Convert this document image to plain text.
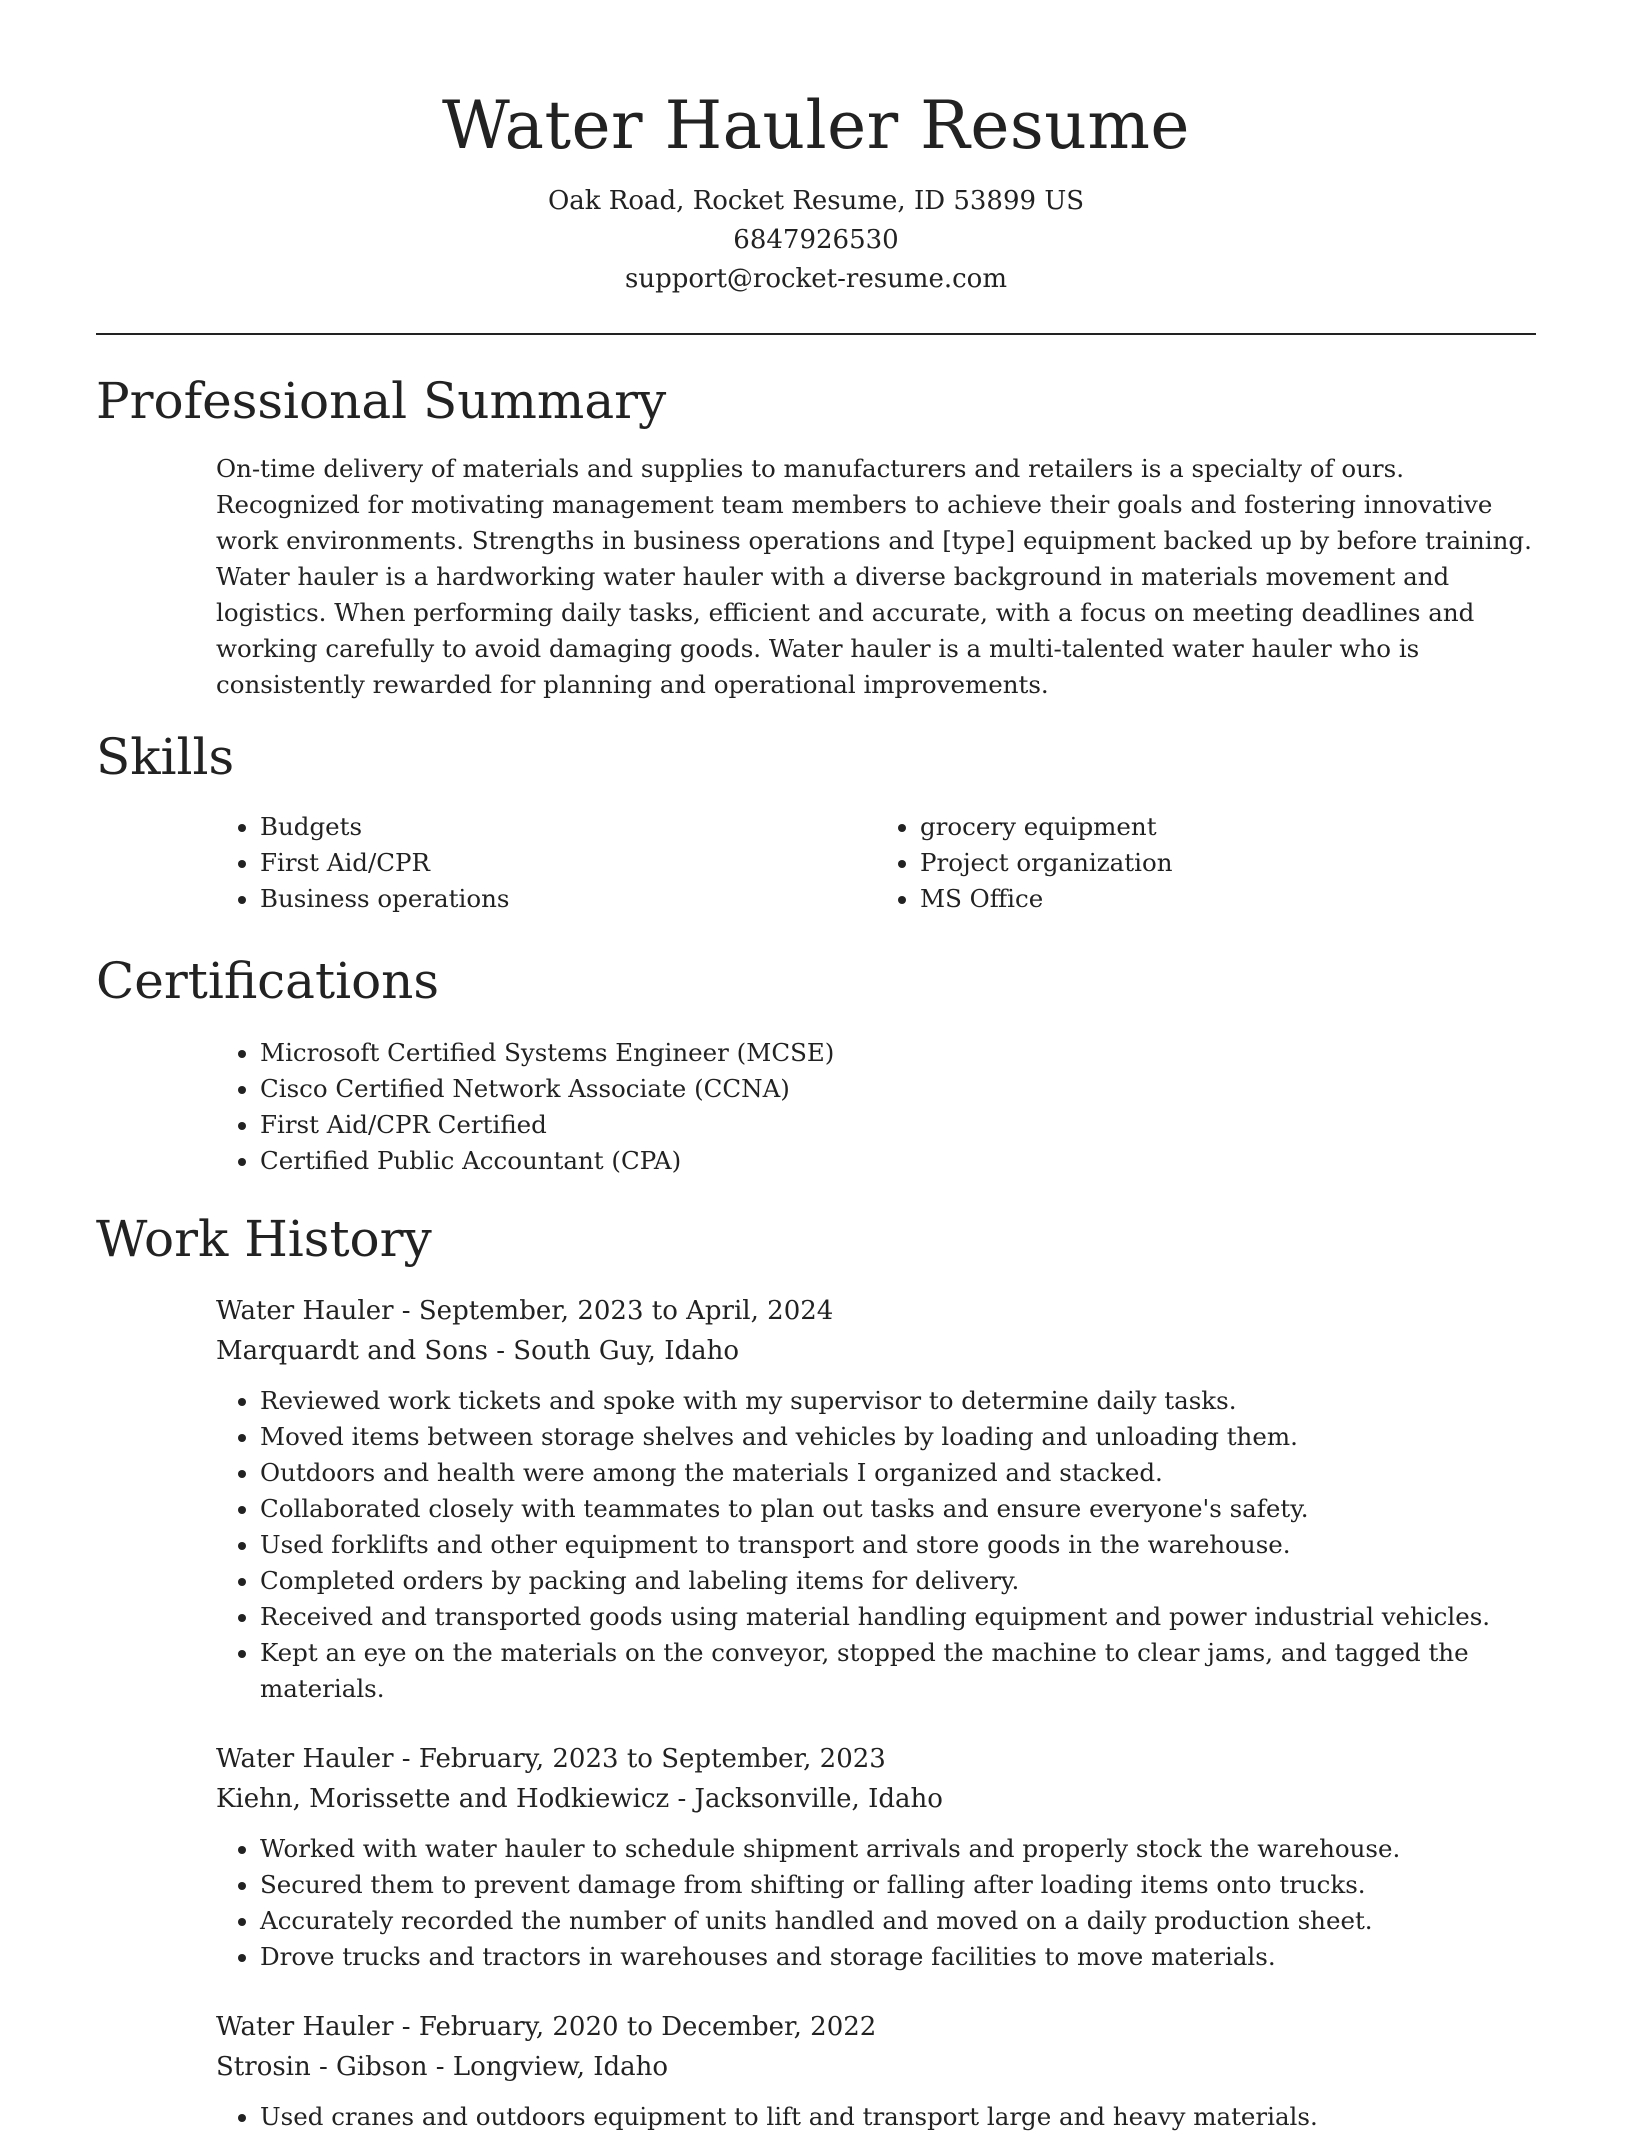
Water Hauler Resume
Oak Road, Rocket Resume, ID 53899 US
6847926530
support@rocket-resume.com
Professional Summary

On-time delivery of materials and supplies to manufacturers and retailers is a specialty of ours. Recognized for motivating management team members to achieve their goals and fostering innovative work environments. Strengths in business operations and [type] equipment backed up by before training. Water hauler is a hardworking water hauler with a diverse background in materials movement and logistics. When performing daily tasks, efficient and accurate, with a focus on meeting deadlines and working carefully to avoid damaging goods. Water hauler is a multi-talented water hauler who is consistently rewarded for planning and operational improvements.

Skills
• Budgets
• First Aid/CPR
• Business operations
• grocery equipment
• Project organization
• MS Office
Certifications
• Microsoft Certified Systems Engineer (MCSE)
• Cisco Certified Network Associate (CCNA)
• First Aid/CPR Certified
• Certified Public Accountant (CPA)
Work History
Water Hauler - September, 2023 to April, 2024
Marquardt and Sons - South Guy, Idaho
• Reviewed work tickets and spoke with my supervisor to determine daily tasks.
• Moved items between storage shelves and vehicles by loading and unloading them.
• Outdoors and health were among the materials I organized and stacked.
• Collaborated closely with teammates to plan out tasks and ensure everyone's safety.
• Used forklifts and other equipment to transport and store goods in the warehouse.
• Completed orders by packing and labeling items for delivery.
• Received and transported goods using material handling equipment and power industrial vehicles.
• Kept an eye on the materials on the conveyor, stopped the machine to clear jams, and tagged the materials.
Water Hauler - February, 2023 to September, 2023
Kiehn, Morissette and Hodkiewicz - Jacksonville, Idaho
• Worked with water hauler to schedule shipment arrivals and properly stock the warehouse.
• Secured them to prevent damage from shifting or falling after loading items onto trucks.
• Accurately recorded the number of units handled and moved on a daily production sheet.
• Drove trucks and tractors in warehouses and storage facilities to move materials.
Water Hauler - February, 2020 to December, 2022
Strosin - Gibson - Longview, Idaho
• Used cranes and outdoors equipment to lift and transport large and heavy materials.
